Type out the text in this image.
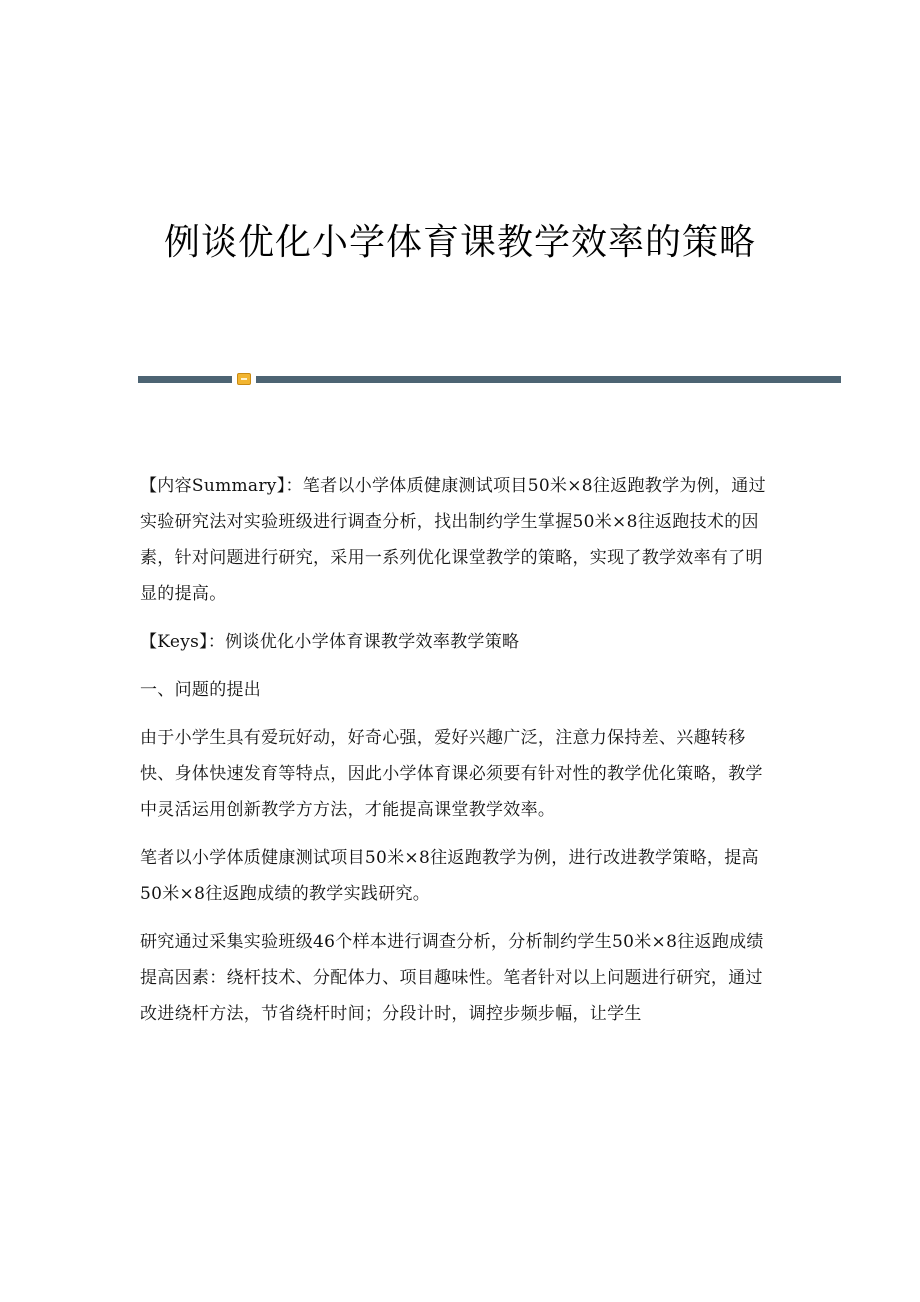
例谈优化小学体育课教学效率的策略

【内容Summary】：笔者以小学体质健康测试项目50米×8往返跑教学为例，通过实验研究法对实验班级进行调查分析，找出制约学生掌握50米×8往返跑技术的因素，针对问题进行研究，采用一系列优化课堂教学的策略，实现了教学效率有了明显的提高。

【Keys】：例谈优化小学体育课教学效率教学策略

一、问题的提出

由于小学生具有爱玩好动，好奇心强，爱好兴趣广泛，注意力保持差、兴趣转移快、身体快速发育等特点，因此小学体育课必须要有针对性的教学优化策略，教学中灵活运用创新教学方方法，才能提高课堂教学效率。

笔者以小学体质健康测试项目50米×8往返跑教学为例，进行改进教学策略，提高50米×8往返跑成绩的教学实践研究。

研究通过采集实验班级46个样本进行调查分析，分析制约学生50米×8往返跑成绩提高因素：绕杆技术、分配体力、项目趣味性。笔者针对以上问题进行研究，通过改进绕杆方法，节省绕杆时间；分段计时，调控步频步幅，让学生
